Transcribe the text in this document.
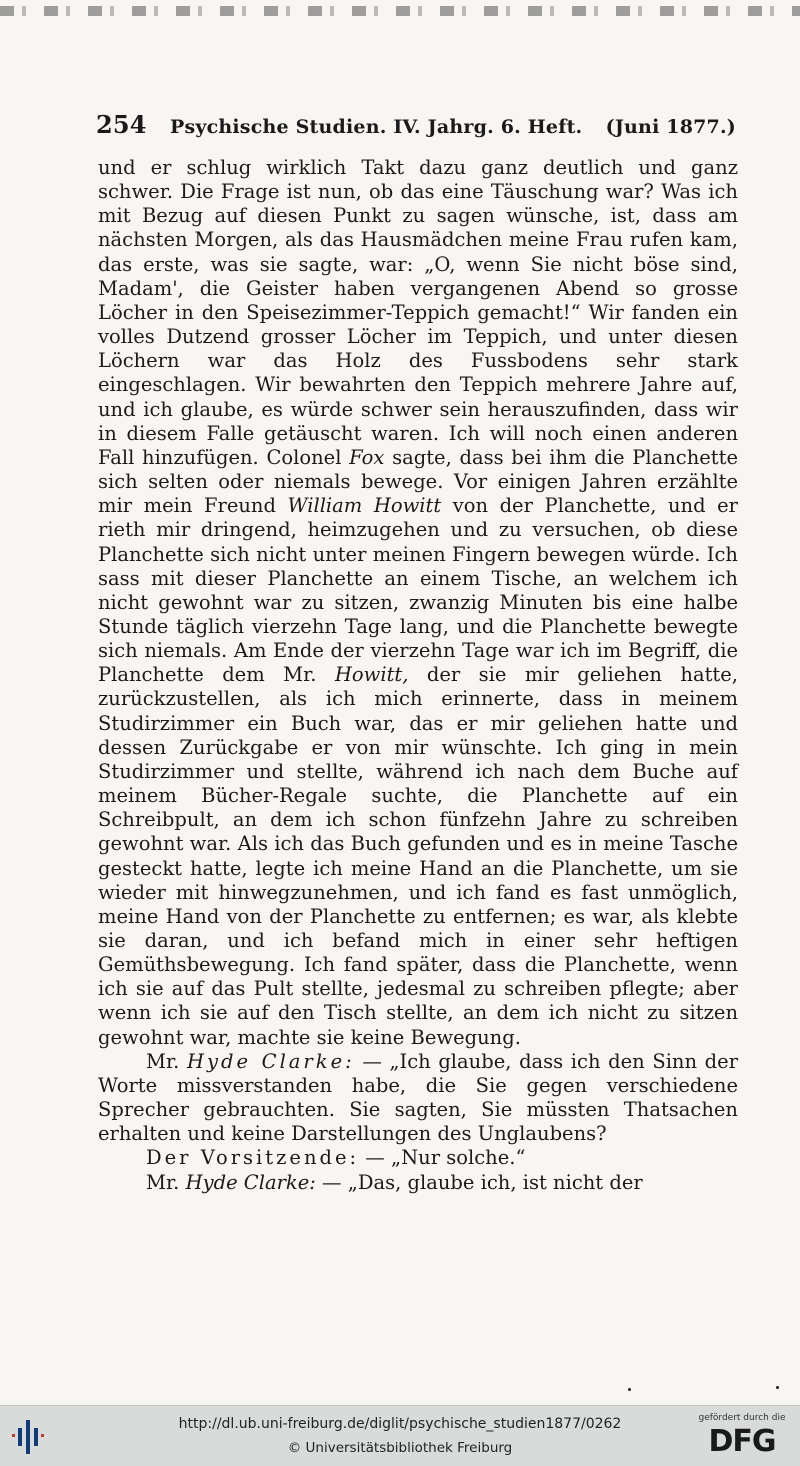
254 Psychische Studien. IV. Jahrg. 6. Heft. (Juni 1877.)

und er schlug wirklich Takt dazu ganz deutlich und ganz schwer. Die Frage ist nun, ob das eine Täuschung war? Was ich mit Bezug auf diesen Punkt zu sagen wünsche, ist, dass am nächsten Morgen, als das Hausmädchen meine Frau rufen kam, das erste, was sie sagte, war: „O, wenn Sie nicht böse sind, Madam', die Geister haben vergangenen Abend so grosse Löcher in den Speisezimmer-Teppich gemacht!“ Wir fanden ein volles Dutzend grosser Löcher im Teppich, und unter diesen Löchern war das Holz des Fussbodens sehr stark eingeschlagen. Wir bewahrten den Teppich mehrere Jahre auf, und ich glaube, es würde schwer sein herauszufinden, dass wir in diesem Falle getäuscht waren. Ich will noch einen anderen Fall hinzufügen. Colonel Fox sagte, dass bei ihm die Planchette sich selten oder niemals bewege. Vor einigen Jahren erzählte mir mein Freund William Howitt von der Planchette, und er rieth mir dringend, heimzugehen und zu versuchen, ob diese Planchette sich nicht unter meinen Fingern bewegen würde. Ich sass mit dieser Planchette an einem Tische, an welchem ich nicht gewohnt war zu sitzen, zwanzig Minuten bis eine halbe Stunde täglich vierzehn Tage lang, und die Planchette bewegte sich niemals. Am Ende der vierzehn Tage war ich im Begriff, die Planchette dem Mr. Howitt, der sie mir geliehen hatte, zurückzustellen, als ich mich erinnerte, dass in meinem Studirzimmer ein Buch war, das er mir geliehen hatte und dessen Zurückgabe er von mir wünschte. Ich ging in mein Studirzimmer und stellte, während ich nach dem Buche auf meinem Bücher-Regale suchte, die Planchette auf ein Schreibpult, an dem ich schon fünfzehn Jahre zu schreiben gewohnt war. Als ich das Buch gefunden und es in meine Tasche gesteckt hatte, legte ich meine Hand an die Planchette, um sie wieder mit hinwegzunehmen, und ich fand es fast unmöglich, meine Hand von der Planchette zu entfernen; es war, als klebte sie daran, und ich befand mich in einer sehr heftigen Gemüthsbewegung. Ich fand später, dass die Planchette, wenn ich sie auf das Pult stellte, jedesmal zu schreiben pflegte; aber wenn ich sie auf den Tisch stellte, an dem ich nicht zu sitzen gewohnt war, machte sie keine Bewegung.

Mr. Hyde Clarke: — „Ich glaube, dass ich den Sinn der Worte missverstanden habe, die Sie gegen verschiedene Sprecher gebrauchten. Sie sagten, Sie müssten Thatsachen erhalten und keine Darstellungen des Unglaubens?

Der Vorsitzende: — „Nur solche.“

Mr. Hyde Clarke: — „Das, glaube ich, ist nicht der

http://dl.ub.uni-freiburg.de/diglit/psychische_studien1877/0262
© Universitätsbibliothek Freiburg
gefördert durch die
DFG
